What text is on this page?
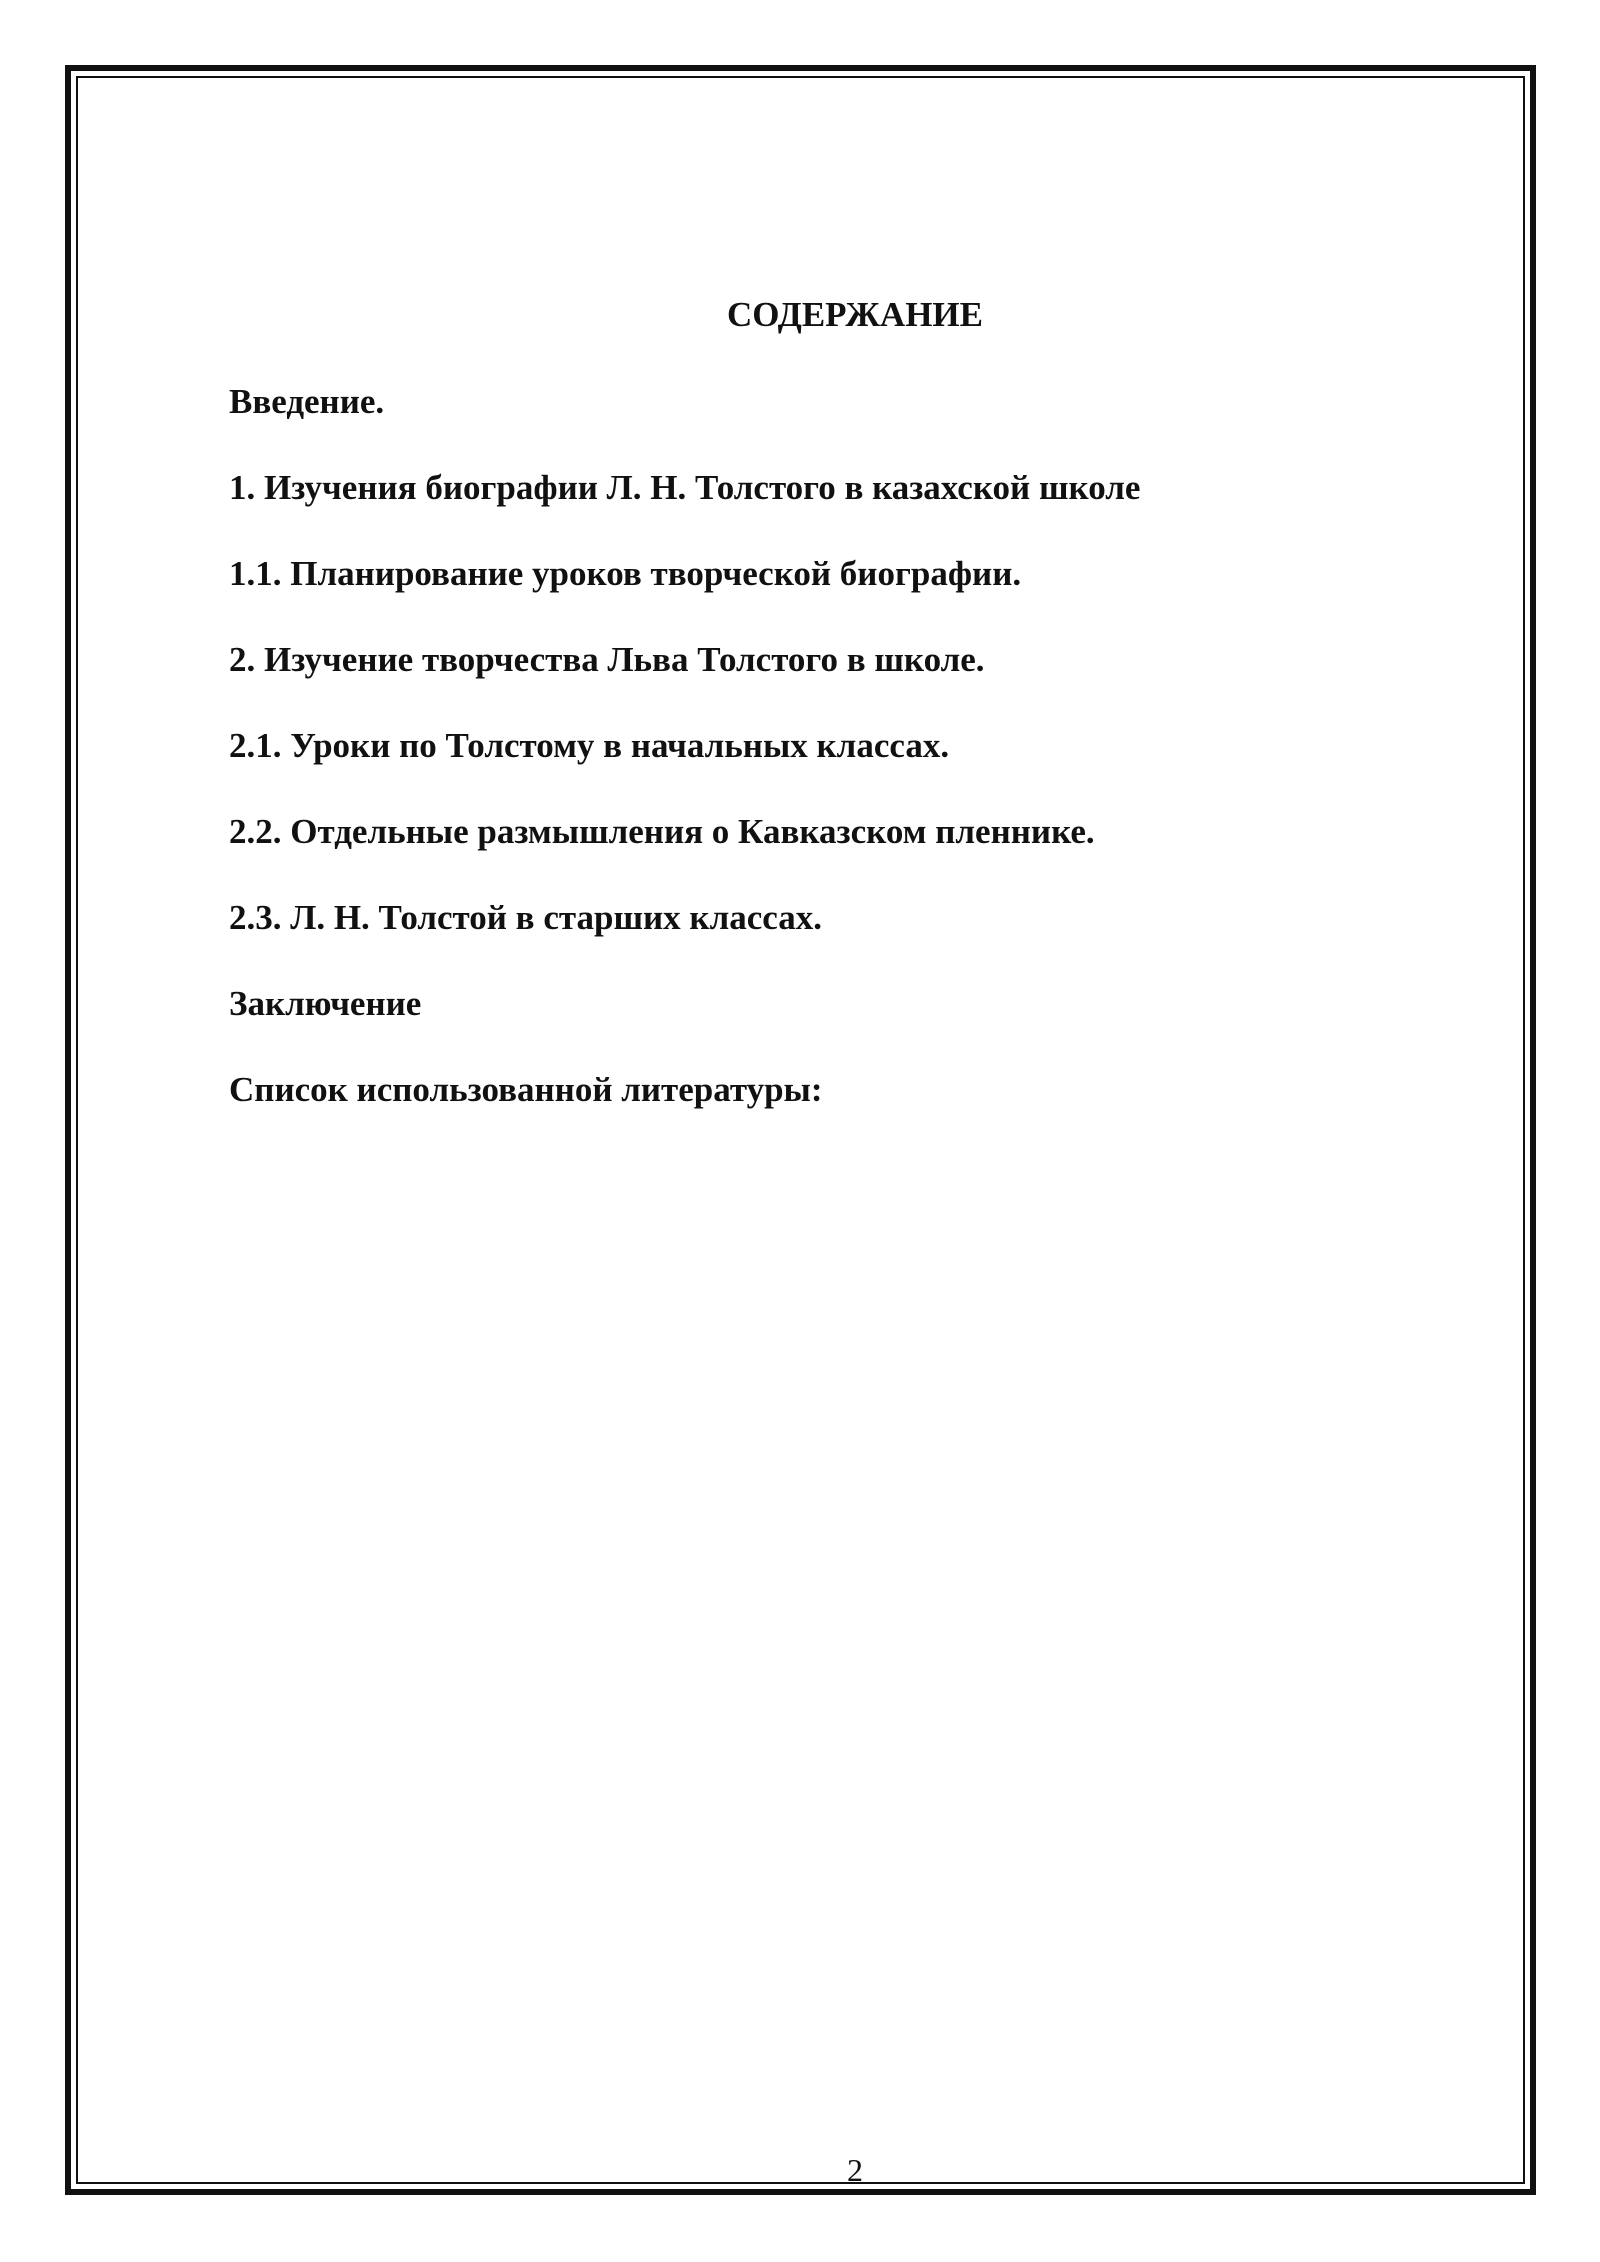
СОДЕРЖАНИЕ
Введение.
1. Изучения биографии Л. Н. Толстого в казахской школе
1.1. Планирование уроков творческой биографии.
2. Изучение творчества Льва Толстого в школе.
2.1. Уроки по Толстому в начальных классах.
2.2. Отдельные размышления о Кавказском пленнике.
2.3. Л. Н. Толстой в старших классах.
Заключение
Список использованной литературы:
2
